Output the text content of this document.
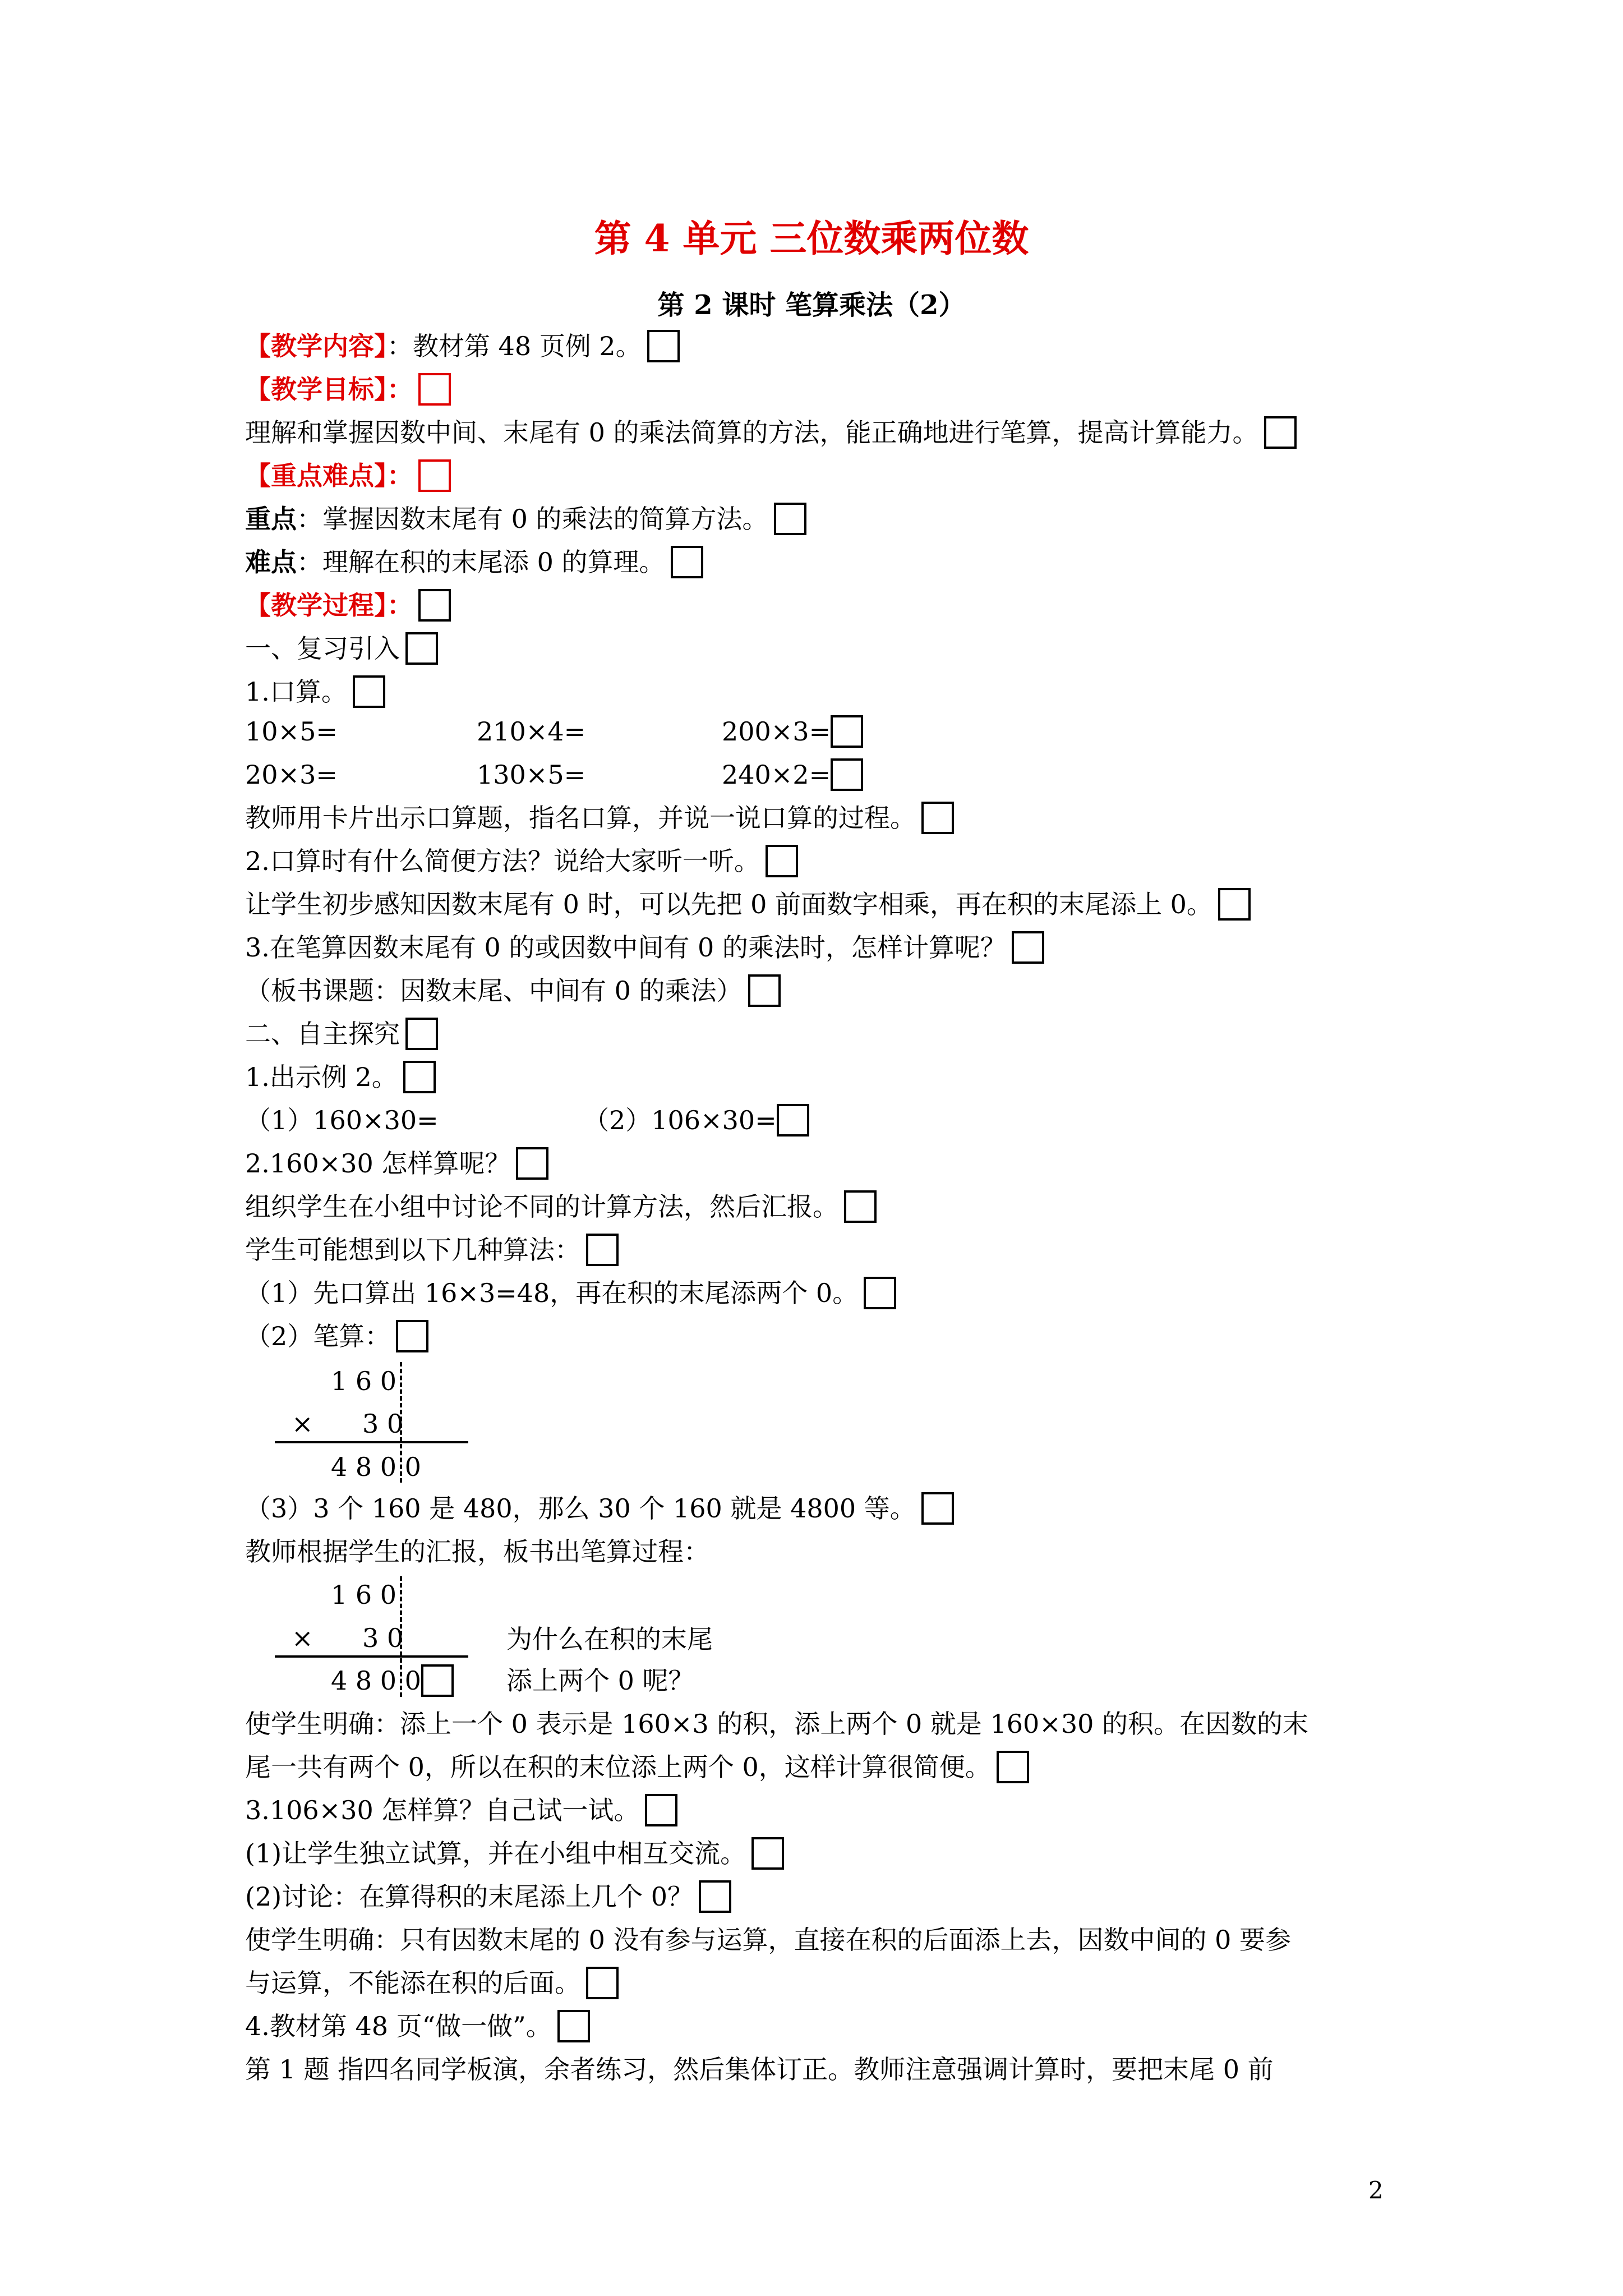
第 4 单元 三位数乘两位数
第 2 课时 笔算乘法（2）
【教学内容】：教材第 48 页例 2。
【教学目标】：
理解和掌握因数中间、末尾有 0 的乘法简算的方法，能正确地进行笔算，提高计算能力。
【重点难点】：
重点：掌握因数末尾有 0 的乘法的简算方法。
难点：理解在积的末尾添 0 的算理。
【教学过程】：
一、复习引入
1.口算。
10×5=	210×4=	200×3=
20×3=	130×5=	240×2=
教师用卡片出示口算题，指名口算，并说一说口算的过程。
2.口算时有什么简便方法？说给大家听一听。
让学生初步感知因数末尾有 0 时，可以先把 0 前面数字相乘，再在积的末尾添上 0。
3.在笔算因数末尾有 0 的或因数中间有 0 的乘法时，怎样计算呢？
（板书课题：因数末尾、中间有 0 的乘法）
二、自主探究
1.出示例 2。
（1）160×30=	（2）106×30=
2.160×30 怎样算呢？
组织学生在小组中讨论不同的计算方法，然后汇报。
学生可能想到以下几种算法：
（1）先口算出 16×3=48，再在积的末尾添两个 0。
（2）笔算：
1 6 0
× 3 0
4 8 0 0
（3）3 个 160 是 480，那么 30 个 160 就是 4800 等。
教师根据学生的汇报，板书出笔算过程：
1 6 0
× 3 0
4 8 0 0
为什么在积的末尾
添上两个 0 呢？
使学生明确：添上一个 0 表示是 160×3 的积，添上两个 0 就是 160×30 的积。在因数的末
尾一共有两个 0，所以在积的末位添上两个 0，这样计算很简便。
3.106×30 怎样算？自己试一试。
(1)让学生独立试算，并在小组中相互交流。
(2)讨论：在算得积的末尾添上几个 0？
使学生明确：只有因数末尾的 0 没有参与运算，直接在积的后面添上去，因数中间的 0 要参
与运算，不能添在积的后面。
4.教材第 48 页“做一做”。
第 1 题 指四名同学板演，余者练习，然后集体订正。教师注意强调计算时，要把末尾 0 前
2
